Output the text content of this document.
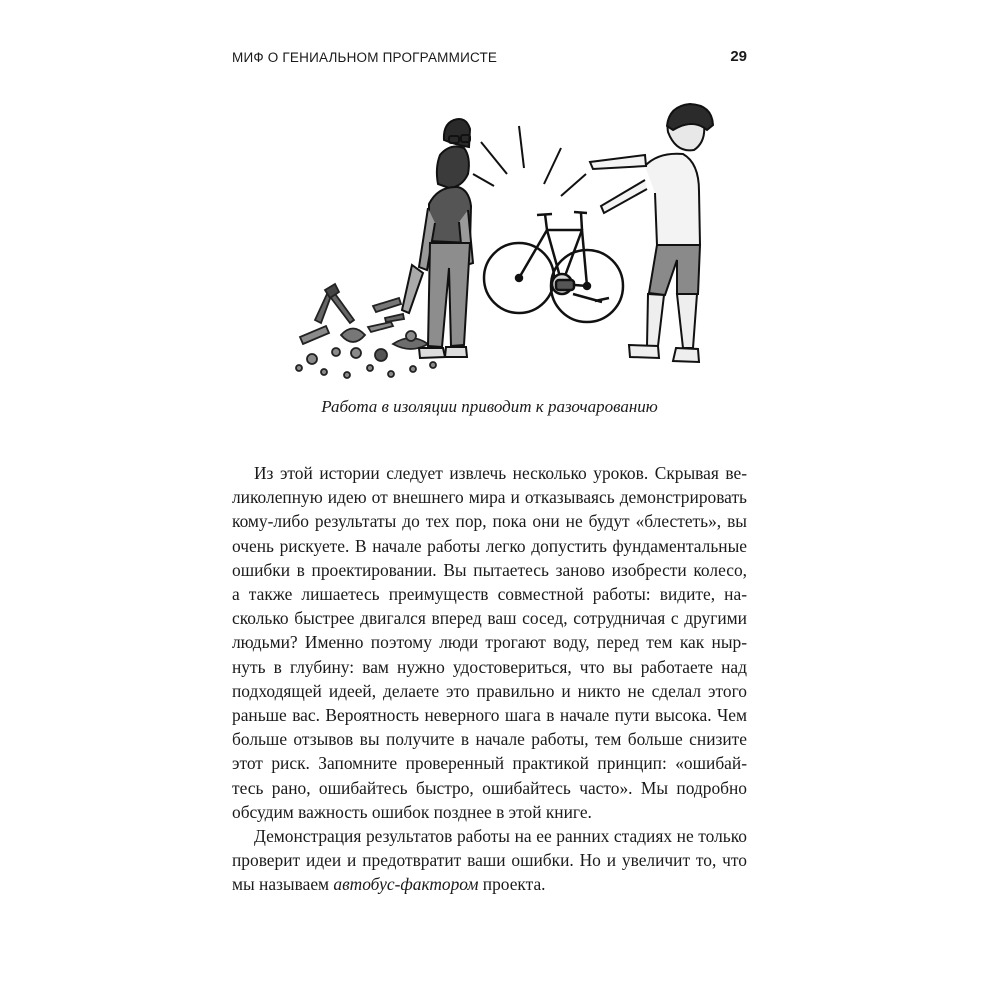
МИФ О ГЕНИАЛЬНОМ ПРОГРАММИСТЕ	29
Работа в изоляции приводит к разочарованию
Из этой истории следует извлечь несколько уроков. Скрывая ве-
ликолепную идею от внешнего мира и отказываясь демонстрировать
кому-либо результаты до тех пор, пока они не будут «блестеть», вы
очень рискуете. В начале работы легко допустить фундаментальные
ошибки в проектировании. Вы пытаетесь заново изобрести колесо,
а также лишаетесь преимуществ совместной работы: видите, на-
сколько быстрее двигался вперед ваш сосед, сотрудничая с другими
людьми? Именно поэтому люди трогают воду, перед тем как ныр-
нуть в глубину: вам нужно удостовериться, что вы работаете над
подходящей идеей, делаете это правильно и никто не сделал этого
раньше вас. Вероятность неверного шага в начале пути высока. Чем
больше отзывов вы получите в начале работы, тем больше снизите
этот риск. Запомните проверенный практикой принцип: «ошибай-
тесь рано, ошибайтесь быстро, ошибайтесь часто». Мы подробно
обсудим важность ошибок позднее в этой книге.
Демонстрация результатов работы на ее ранних стадиях не только
проверит идеи и предотвратит ваши ошибки. Но и увеличит то, что
мы называем автобус-фактором проекта.
